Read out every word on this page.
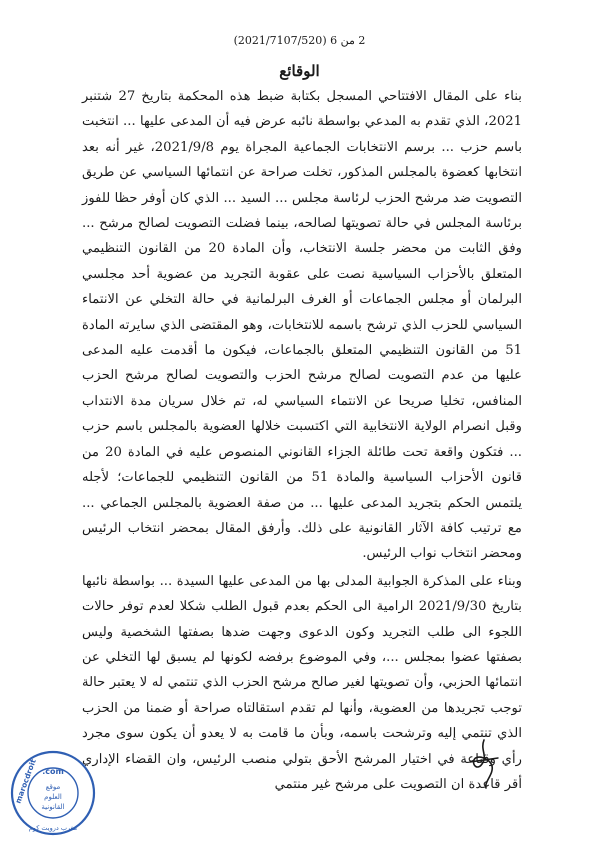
2 من 6 (2021/7107/520)
الوقائع

بناء على المقال الافتتاحي المسجل بكتابة ضبط هذه المحكمة بتاريخ 27 شتنبر 2021، الذي تقدم به المدعي بواسطة نائبه عرض فيه أن المدعى عليها ... انتخبت باسم حزب ... برسم الانتخابات الجماعية المجراة يوم 2021/9/8، غير أنه بعد انتخابها كعضوة بالمجلس المذكور، تخلت صراحة عن انتمائها السياسي عن طريق التصويت ضد مرشح الحزب لرئاسة مجلس ... السيد ... الذي كان أوفر حظا للفوز برئاسة المجلس في حالة تصويتها لصالحه، بينما فضلت التصويت لصالح مرشح ... وفق الثابت من محضر جلسة الانتخاب، وأن المادة 20 من القانون التنظيمي المتعلق بالأحزاب السياسية نصت على عقوبة التجريد من عضوية أحد مجلسي البرلمان أو مجلس الجماعات أو الغرف البرلمانية في حالة التخلي عن الانتماء السياسي للحزب الذي ترشح باسمه للانتخابات، وهو المقتضى الذي سايرته المادة 51 من القانون التنظيمي المتعلق بالجماعات، فيكون ما أقدمت عليه المدعى عليها من عدم التصويت لصالح مرشح الحزب والتصويت لصالح مرشح الحزب المنافس، تخليا صريحا عن الانتماء السياسي له، تم خلال سريان مدة الانتداب وقبل انصرام الولاية الانتخابية التي اكتسبت خلالها العضوية بالمجلس باسم حزب ... فتكون واقعة تحت طائلة الجزاء القانوني المنصوص عليه في المادة 20 من قانون الأحزاب السياسية والمادة 51 من القانون التنظيمي للجماعات؛ لأجله يلتمس الحكم بتجريد المدعى عليها ... من صفة العضوية بالمجلس الجماعي ... مع ترتيب كافة الآثار القانونية على ذلك. وأرفق المقال بمحضر انتخاب الرئيس ومحضر انتخاب نواب الرئيس.

وبناء على المذكرة الجوابية المدلى بها من المدعى عليها السيدة ... بواسطة نائبها بتاريخ 2021/9/30 الرامية الى الحكم بعدم قبول الطلب شكلا لعدم توفر حالات اللجوء الى طلب التجريد وكون الدعوى وجهت ضدها بصفتها الشخصية وليس بصفتها عضوا بمجلس ...، وفي الموضوع برفضه لكونها لم يسبق لها التخلي عن انتمائها الحزبي، وأن تصويتها لغير صالح مرشح الحزب الذي تنتمي له لا يعتبر حالة توجب تجريدها من العضوية، وأنها لم تقدم استقالتاه صراحة أو ضمنا من الحزب الذي تنتمي إليه وترشحت باسمه، وبأن ما قامت به لا يعدو أن يكون سوى مجرد رأي وقناعة في اختيار المرشح الأحق بتولي منصب الرئيس، وان القضاء الإداري أقر قاعدة ان التصويت على مرشح غير منتمي

.com
موقع
العلوم
القانونية
marocdroit
مغرب درويت كوم
